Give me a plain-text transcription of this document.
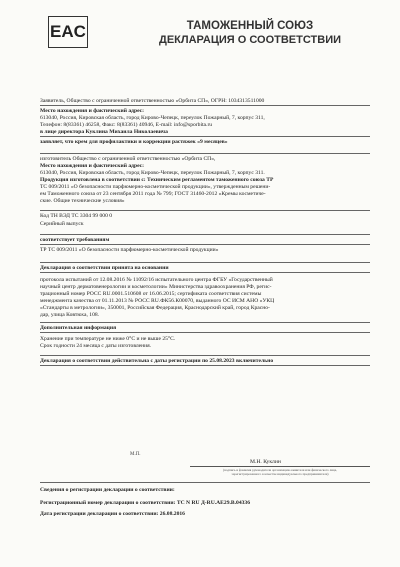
EAC	ТАМОЖЕННЫЙ СОЮЗ
ДЕКЛАРАЦИЯ О СООТВЕТСТВИИ
Заявитель, Общество с ограниченной ответственностью «Орбита СП», ОГРН: 1034313511000
Место нахождения и фактический адрес:
613040, Россия, Кировская область, город Кирово-Чепецк, переулок Пожарный, 7, корпус 311,
Телефон: 8(83361) 46258, Факс: 8(83361) 40946, E-mail: info@sporbita.ru
в лице директора Куклина Михаила Николаевича
заявляет, что крем для профилактики и коррекции растяжек «9 месяцев»
изготовитель Общество с ограниченной ответственностью «Орбита СП»,
Место нахождения и фактический адрес:
613040, Россия, Кировская область, город Кирово-Чепецк, переулок Пожарный, 7, корпус 311.
Продукция изготовлена в соответствии с: Техническим регламентом таможенного союза ТР
ТС 009/2011 «О безопасности парфюмерно-косметической продукции», утвержденным решени-
ем Таможенного союза от 23 сентября 2011 года № 799; ГОСТ 31460-2012 «Кремы косметиче-
ские. Общие технические условия»
Код ТН ВЭД ТС 3304 99 000 0
Серийный выпуск
соответствует требованиям
ТР ТС 009/2011 «О безопасности парфюмерно-косметической продукции»
Декларация о соответствии принята на основании
протокола испытаний от 12.08.2016 № 11092/16 испытательного центра ФГБУ «Государственный
научный центр дерматовенерологии и косметологии» Министерства здравоохранения РФ, регис-
трационный номер РОСС RU.0001.510608 от 16.06.2015; сертификата соответствия системы
менеджмента качества от 01.11.2013 № РОСС RU.ФК56.К00070, выданного ОС ИСМ АНО «УКЦ
«Стандарты в метрологии», 350001, Российская Федерация, Краснодарский край, город Красно-
дар, улица Ковтюха, 108.
Дополнительная информация
Хранение при температуре не ниже 0°С и не выше 25°С.
Срок годности 24 месяца с даты изготовления.
Декларация о соответствии действительна с даты регистрации по 25.08.2023 включительно
М.П.
М.Н. Куклин
(подпись и фамилия руководителя организации-заявителя или физического лица,
зарегистрированного в качестве индивидуального предпринимателя)
Сведения о регистрации декларации о соответствии:
Регистрационный номер декларации о соответствии: ТС N RU Д-RU.AE29.B.04336
Дата регистрации декларации о соответствии: 26.08.2016
